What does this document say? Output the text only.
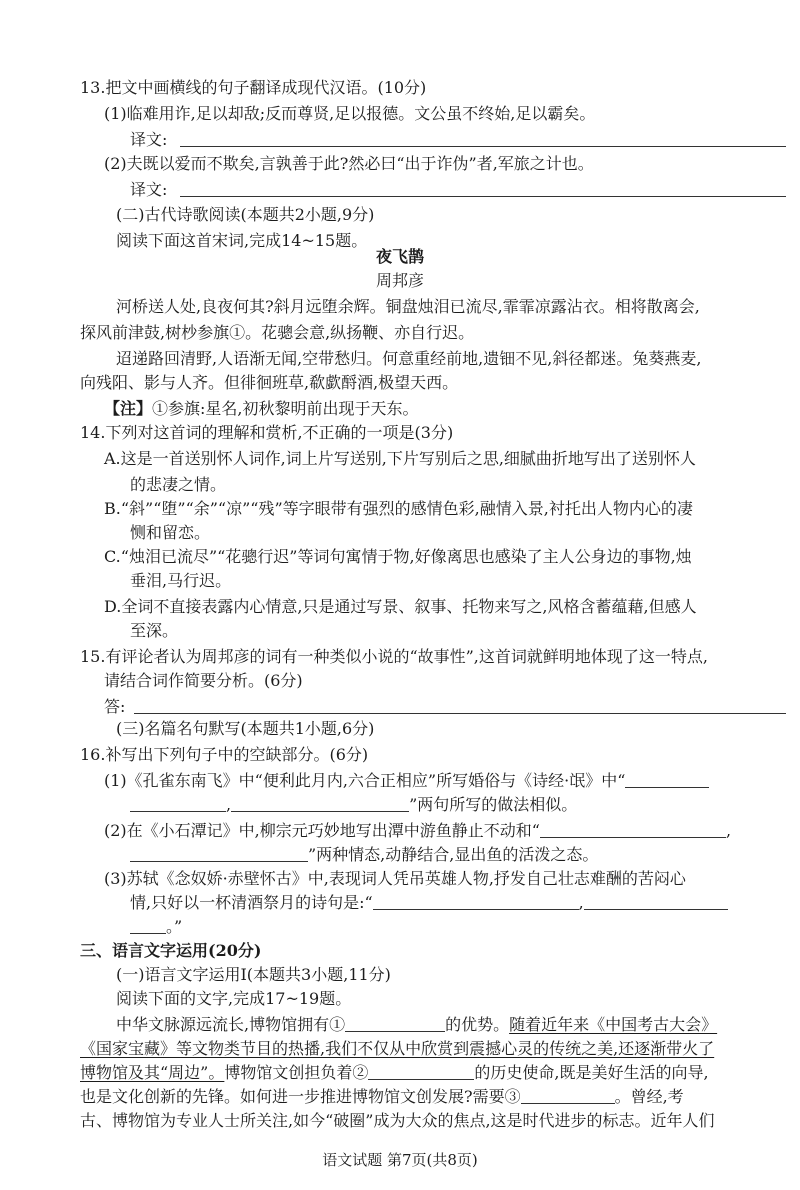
13.把文中画横线的句子翻译成现代汉语。(10分)
(1)临难用诈,足以却敌;反而尊贤,足以报德。文公虽不终始,足以霸矣。
译文:
(2)夫既以爱而不欺矣,言孰善于此?然必曰“出于诈伪”者,军旅之计也。
译文:
(二)古代诗歌阅读(本题共2小题,9分)
阅读下面这首宋词,完成14~15题。
夜飞鹊
周邦彦
河桥送人处,良夜何其?斜月远堕余辉。铜盘烛泪已流尽,霏霏凉露沾衣。相将散离会,
探风前津鼓,树杪参旗①。花骢会意,纵扬鞭、亦自行迟。
迢递路回清野,人语渐无闻,空带愁归。何意重经前地,遗钿不见,斜径都迷。兔葵燕麦,
向残阳、影与人齐。但徘徊班草,欷歔酹酒,极望天西。
【注】①参旗:星名,初秋黎明前出现于天东。
14.下列对这首词的理解和赏析,不正确的一项是(3分)
A.这是一首送别怀人词作,词上片写送别,下片写别后之思,细腻曲折地写出了送别怀人
的悲凄之情。
B.“斜”“堕”“余”“凉”“残”等字眼带有强烈的感情色彩,融情入景,衬托出人物内心的凄
恻和留恋。
C.“烛泪已流尽”“花骢行迟”等词句寓情于物,好像离思也感染了主人公身边的事物,烛
垂泪,马行迟。
D.全词不直接表露内心情意,只是通过写景、叙事、托物来写之,风格含蓄蕴藉,但感人
至深。
15.有评论者认为周邦彦的词有一种类似小说的“故事性”,这首词就鲜明地体现了这一特点,
请结合词作简要分析。(6分)
答:
(三)名篇名句默写(本题共1小题,6分)
16.补写出下列句子中的空缺部分。(6分)
(1)《孔雀东南飞》中“便利此月内,六合正相应”所写婚俗与《诗经·氓》中“
,	”两句所写的做法相似。
(2)在《小石潭记》中,柳宗元巧妙地写出潭中游鱼静止不动和“	,
”两种情态,动静结合,显出鱼的活泼之态。
(3)苏轼《念奴娇·赤壁怀古》中,表现词人凭吊英雄人物,抒发自己壮志难酬的苦闷心
情,只好以一杯清酒祭月的诗句是:“	,
。”
三、语言文字运用(20分)
(一)语言文字运用Ⅰ(本题共3小题,11分)
阅读下面的文字,完成17~19题。
中华文脉源远流长,博物馆拥有①	的优势。随着近年来《中国考古大会》
《国家宝藏》等文物类节目的热播,我们不仅从中欣赏到震撼心灵的传统之美,还逐渐带火了
博物馆及其“周边”。博物馆文创担负着②	的历史使命,既是美好生活的向导,
也是文化创新的先锋。如何进一步推进博物馆文创发展?需要③	。曾经,考
古、博物馆为专业人士所关注,如今“破圈”成为大众的焦点,这是时代进步的标志。近年人们
语文试题 第7页(共8页)
